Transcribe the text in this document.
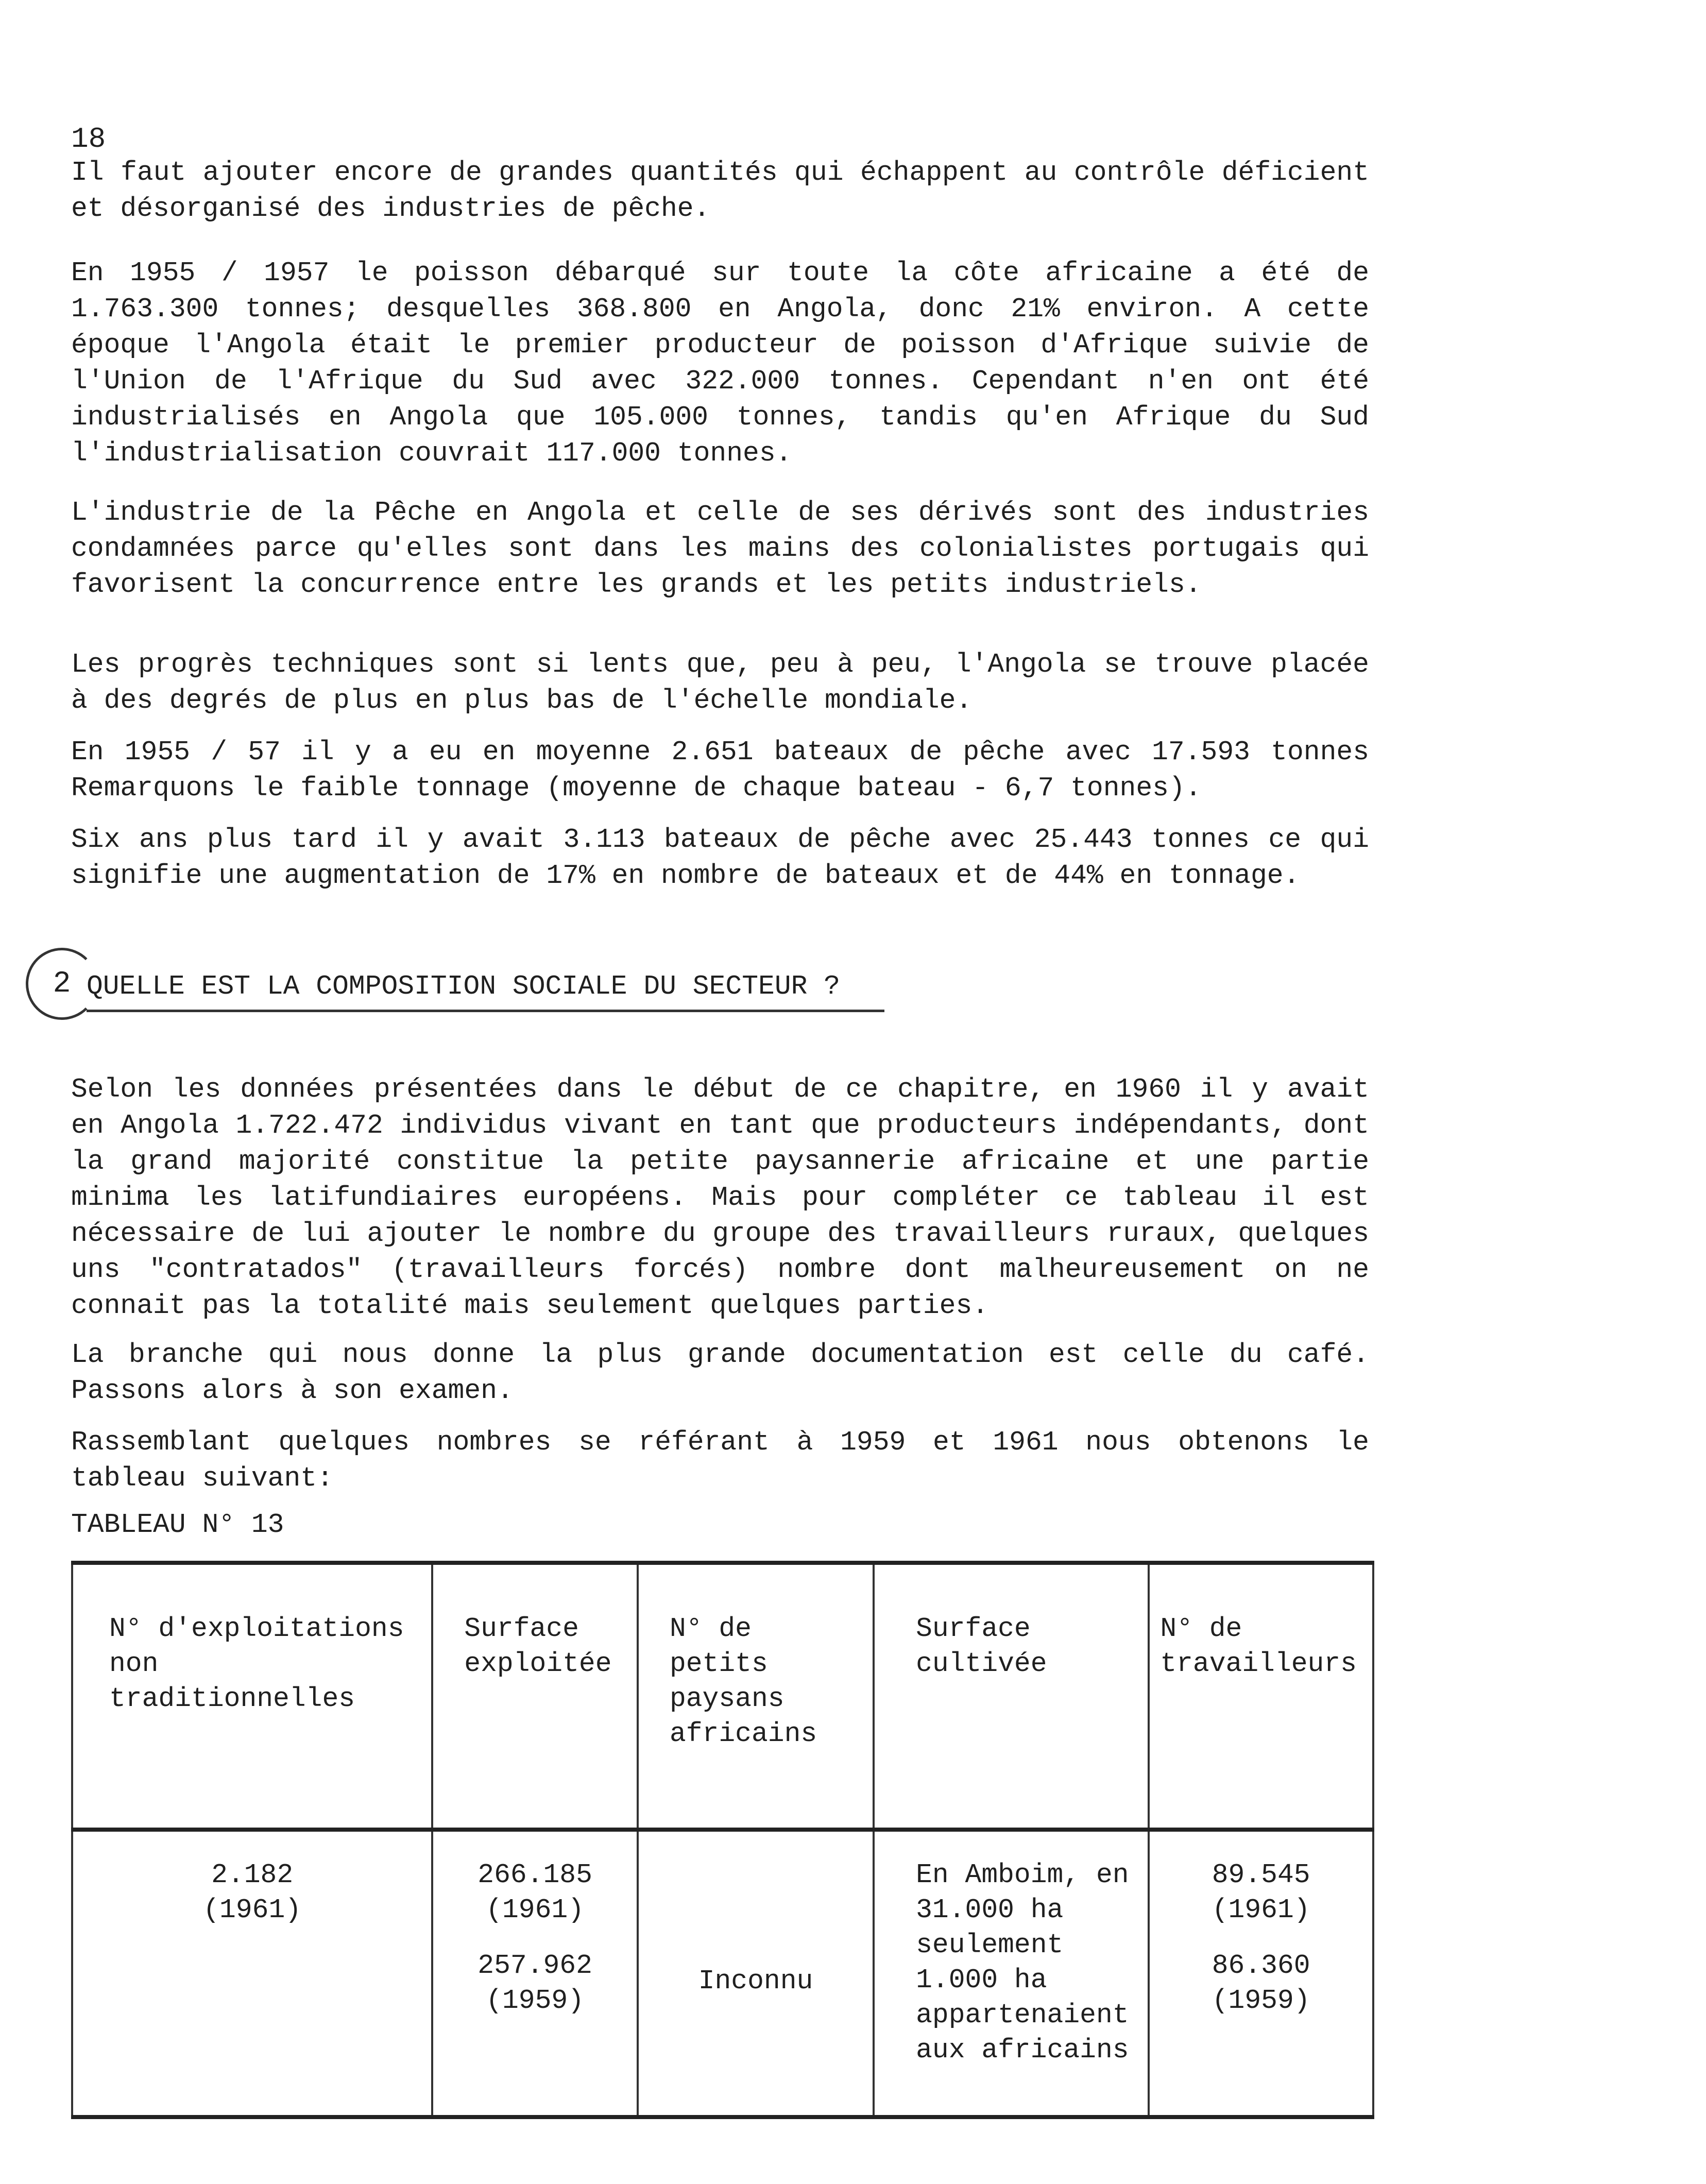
18

Il faut ajouter encore de grandes quantités qui échappent au contrôle déficient et désorganisé des industries de pêche.

En 1955 / 1957 le poisson débarqué sur toute la côte africaine a été de 1.763.300 tonnes; desquelles 368.800 en Angola, donc 21% environ. A cette époque l'Angola était le premier producteur de poisson d'Afrique suivie de l'Union de l'Afrique du Sud avec 322.000 tonnes. Cependant n'en ont été industrialisés en Angola que 105.000 tonnes, tandis qu'en Afrique du Sud l'industrialisation couvrait 117.000 tonnes.

L'industrie de la Pêche en Angola et celle de ses dérivés sont des industries condamnées parce qu'elles sont dans les mains des colonialistes portugais qui favorisent la concurrence entre les grands et les petits industriels.

Les progrès techniques sont si lents que, peu à peu, l'Angola se trouve placée à des degrés de plus en plus bas de l'échelle mondiale.

En 1955 / 57 il y a eu en moyenne 2.651 bateaux de pêche avec 17.593 tonnes Remarquons le faible tonnage (moyenne de chaque bateau - 6,7 tonnes).

Six ans plus tard il y avait 3.113 bateaux de pêche avec 25.443 tonnes ce qui signifie une augmentation de 17% en nombre de bateaux et de 44% en tonnage.

2 QUELLE EST LA COMPOSITION SOCIALE DU SECTEUR ?

Selon les données présentées dans le début de ce chapitre, en 1960 il y avait en Angola 1.722.472 individus vivant en tant que producteurs indépendants, dont la grand majorité constitue la petite paysannerie africaine et une partie minima les latifundiaires européens. Mais pour compléter ce tableau il est nécessaire de lui ajouter le nombre du groupe des travailleurs ruraux, quelques uns "contratados" (travailleurs forcés) nombre dont malheureusement on ne connait pas la totalité mais seulement quelques parties.

La branche qui nous donne la plus grande documentation est celle du café. Passons alors à son examen.

Rassemblant quelques nombres se référant à 1959 et 1961 nous obtenons le tableau suivant:

TABLEAU N° 13
N° d'exploitations non traditionnelles	Surface exploitée	N° de petits paysans africains	Surface cultivée	N° de travailleurs

2.182
(1961)	266.185
(1961)
257.962
(1959)	Inconnu	En Amboim, en 31.000 ha seulement 1.000 ha appartenaient aux africains	89.545
(1961)
86.360
(1959)
